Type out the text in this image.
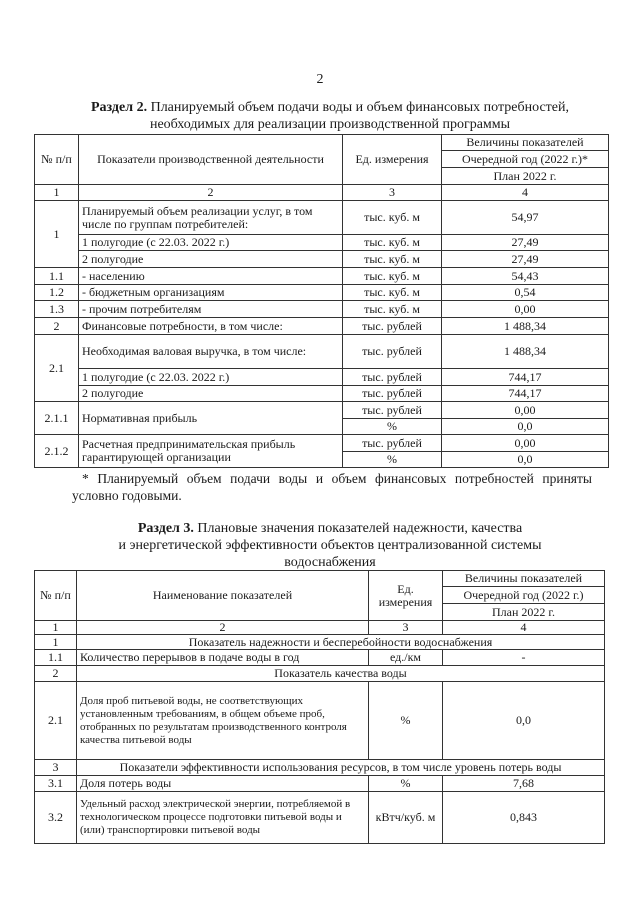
2
Раздел 2. Планируемый объем подачи воды и объем финансовых потребностей,
необходимых для реализации производственной программы
№ п/п	Показатели производственной деятельности	Ед. измерения	Величины показателей
			Очередной год (2022 г.)*
			План 2022 г.
1	2	3	4
1	Планируемый объем реализации услуг, в том числе по группам потребителей:	тыс. куб. м	54,97
	1 полугодие (с 22.03. 2022 г.)	тыс. куб. м	27,49
	2 полугодие	тыс. куб. м	27,49
1.1	- населению	тыс. куб. м	54,43
1.2	- бюджетным организациям	тыс. куб. м	0,54
1.3	- прочим потребителям	тыс. куб. м	0,00
2	Финансовые потребности, в том числе:	тыс. рублей	1 488,34
2.1	Необходимая валовая выручка, в том числе:	тыс. рублей	1 488,34
	1 полугодие (с 22.03. 2022 г.)	тыс. рублей	744,17
	2 полугодие	тыс. рублей	744,17
2.1.1	Нормативная прибыль	тыс. рублей	0,00
		%	0,0
2.1.2	Расчетная предпринимательская прибыль гарантирующей организации	тыс. рублей	0,00
		%	0,0
* Планируемый объем подачи воды и объем финансовых потребностей приняты условно годовыми.
Раздел 3. Плановые значения показателей надежности, качества
и энергетической эффективности объектов централизованной системы
водоснабжения
№ п/п	Наименование показателей	Ед. измерения	Величины показателей
			Очередной год (2022 г.)
			План 2022 г.
1	2	3	4
1	Показатель надежности и бесперебойности водоснабжения		
1.1	Количество перерывов в подаче воды в год	ед./км	-
2	Показатель качества воды		
2.1	Доля проб питьевой воды, не соответствующих установленным требованиям, в общем объеме проб, отобранных по результатам производственного контроля качества питьевой воды	%	0,0
3	Показатели эффективности использования ресурсов, в том числе уровень потерь воды		
3.1	Доля потерь воды	%	7,68
3.2	Удельный расход электрической энергии, потребляемой в технологическом процессе подготовки питьевой воды и (или) транспортировки питьевой воды	кВтч/куб. м	0,843
